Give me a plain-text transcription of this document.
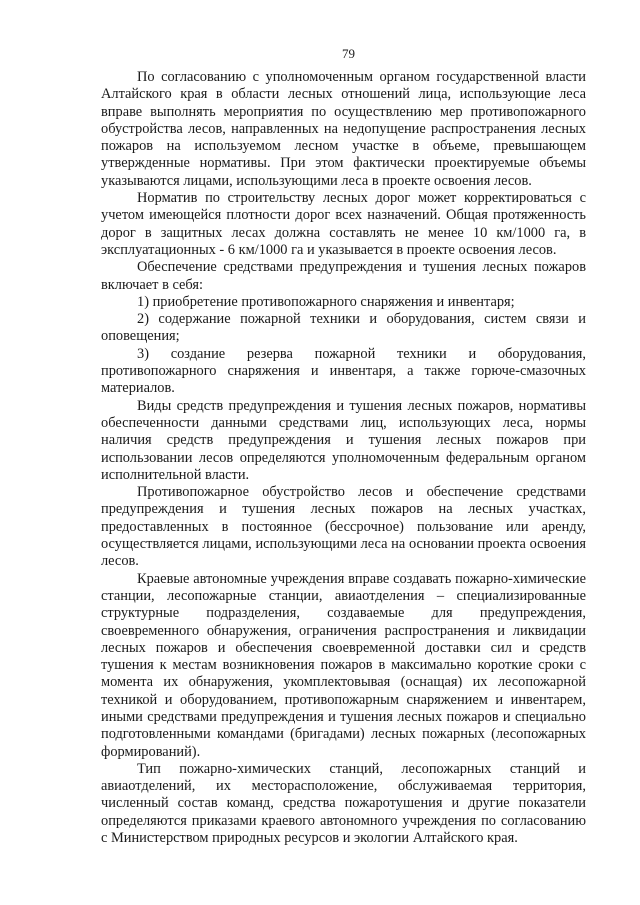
79

По согласованию с уполномоченным органом государственной власти Алтайского края в области лесных отношений лица, использующие леса вправе выполнять мероприятия по осуществлению мер противопожарного обустройства лесов, направленных на недопущение распространения лесных пожаров на используемом лесном участке в объеме, превышающем утвержденные нормативы. При этом фактически проектируемые объемы указываются лицами, использующими леса в проекте освоения лесов.

Норматив по строительству лесных дорог может корректироваться с учетом имеющейся плотности дорог всех назначений. Общая протяженность дорог в защитных лесах должна составлять не менее 10 км/1000 га, в эксплуатационных - 6 км/1000 га и указывается в проекте освоения лесов.

Обеспечение средствами предупреждения и тушения лесных пожаров включает в себя:

1) приобретение противопожарного снаряжения и инвентаря;

2) содержание пожарной техники и оборудования, систем связи и оповещения;

3) создание резерва пожарной техники и оборудования, противопожарного снаряжения и инвентаря, а также горюче-смазочных материалов.

Виды средств предупреждения и тушения лесных пожаров, нормативы обеспеченности данными средствами лиц, использующих леса, нормы наличия средств предупреждения и тушения лесных пожаров при использовании лесов определяются уполномоченным федеральным органом исполнительной власти.

Противопожарное обустройство лесов и обеспечение средствами предупреждения и тушения лесных пожаров на лесных участках, предоставленных в постоянное (бессрочное) пользование или аренду, осуществляется лицами, использующими леса на основании проекта освоения лесов.

Краевые автономные учреждения вправе создавать пожарно-химические станции, лесопожарные станции, авиаотделения – специализированные структурные подразделения, создаваемые для предупреждения, своевременного обнаружения, ограничения распространения и ликвидации лесных пожаров и обеспечения своевременной доставки сил и средств тушения к местам возникновения пожаров в максимально короткие сроки с момента их обнаружения, укомплектовывая (оснащая) их лесопожарной техникой и оборудованием, противопожарным снаряжением и инвентарем, иными средствами предупреждения и тушения лесных пожаров и специально подготовленными командами (бригадами) лесных пожарных (лесопожарных формирований).

Тип пожарно-химических станций, лесопожарных станций и авиаотделений, их месторасположение, обслуживаемая территория, численный состав команд, средства пожаротушения и другие показатели определяются приказами краевого автономного учреждения по согласованию с Министерством природных ресурсов и экологии Алтайского края.
